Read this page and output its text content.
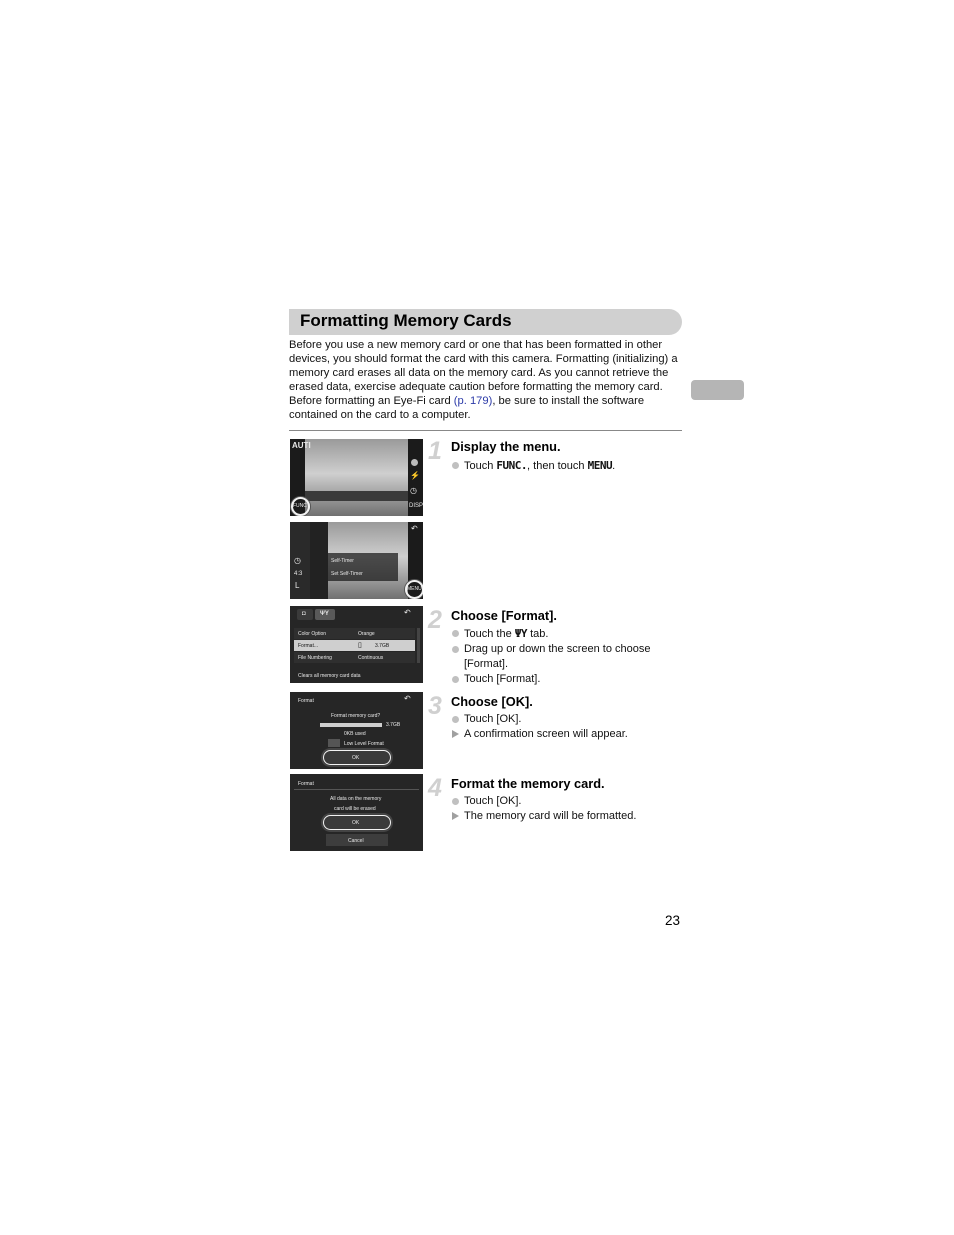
Formatting Memory Cards
Before you use a new memory card or one that has been formatted in other devices, you should format the card with this camera. Formatting (initializing) a memory card erases all data on the memory card. As you cannot retrieve the erased data, exercise adequate caution before formatting the memory card. Before formatting an Eye-Fi card (p. 179), be sure to install the software contained on the card to a computer.
AUTI
FUNC
⚡
◷
DISP
◷
4:3
L
Self-Timer
Set Self-Timer
↶
MENU
◘ ΨΥ	↶
Color Option	Orange
Format...	▯	3.7GB
File Numbering	Continuous
Clears all memory card data
Format	↶
Format memory card?
3.7GB
0KB used
Low Level Format
OK
Format
All data on the memory
card will be erased
OK
Cancel
1 Display the menu.
Touch FUNC., then touch MENU.
2 Choose [Format].
Touch the ΨΥ tab.
Drag up or down the screen to choose [Format].
Touch [Format].
3 Choose [OK].
Touch [OK].
A confirmation screen will appear.
4 Format the memory card.
Touch [OK].
The memory card will be formatted.
23
